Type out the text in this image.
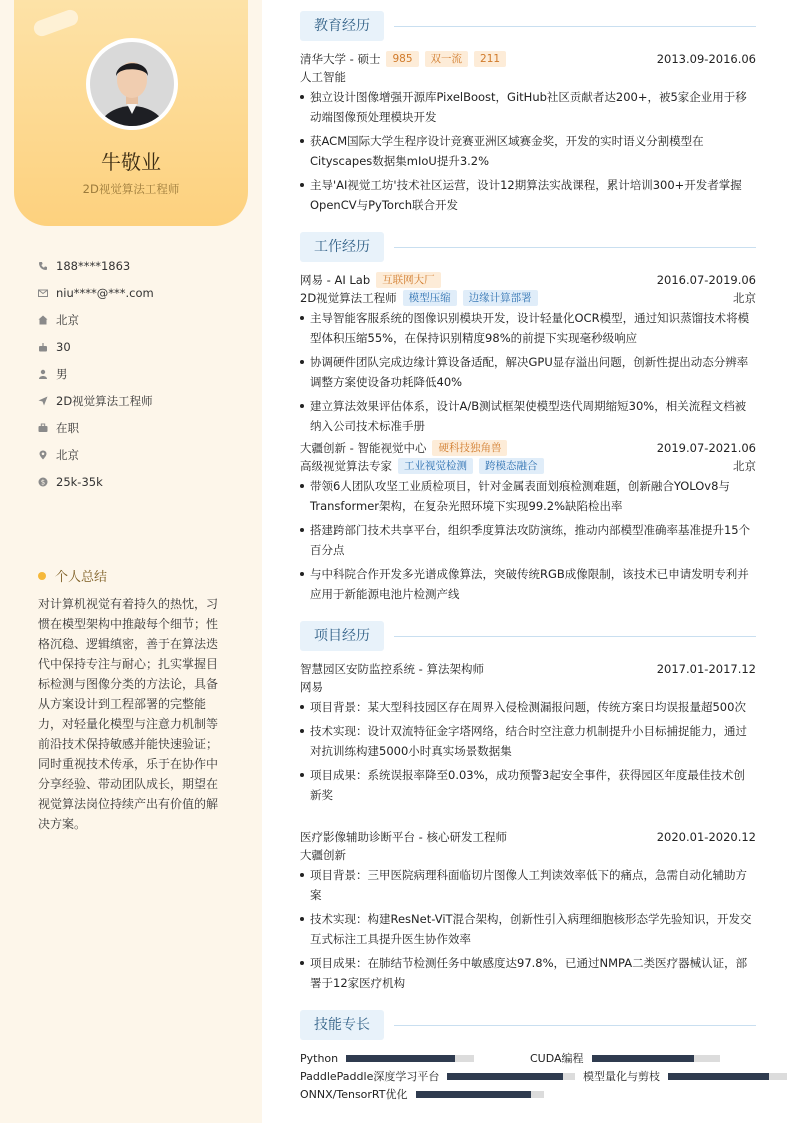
牛敬业
2D视觉算法工程师
188****1863
niu****@***.com
北京
30
男
2D视觉算法工程师
在职
北京
$ 25k-35k
个人总结
对计算机视觉有着持久的热忱，习惯在模型架构中推敲每个细节；性格沉稳、逻辑缜密，善于在算法迭代中保持专注与耐心；扎实掌握目标检测与图像分类的方法论，具备从方案设计到工程部署的完整能力，对轻量化模型与注意力机制等前沿技术保持敏感并能快速验证；同时重视技术传承，乐于在协作中分享经验、带动团队成长，期望在视觉算法岗位持续产出有价值的解决方案。
教育经历
清华大学 - 硕士	985	双一流	211	2013.09-2016.06
人工智能
独立设计图像增强开源库PixelBoost，GitHub社区贡献者达200+，被5家企业用于移动端图像预处理模块开发
获ACM国际大学生程序设计竞赛亚洲区域赛金奖，开发的实时语义分割模型在Cityscapes数据集mIoU提升3.2%
主导'AI视觉工坊'技术社区运营，设计12期算法实战课程，累计培训300+开发者掌握OpenCV与PyTorch联合开发
工作经历
网易 - AI Lab	互联网大厂	2016.07-2019.06
2D视觉算法工程师	模型压缩	边缘计算部署	北京
主导智能客服系统的图像识别模块开发，设计轻量化OCR模型，通过知识蒸馏技术将模型体积压缩55%，在保持识别精度98%的前提下实现毫秒级响应
协调硬件团队完成边缘计算设备适配，解决GPU显存溢出问题，创新性提出动态分辨率调整方案使设备功耗降低40%
建立算法效果评估体系，设计A/B测试框架使模型迭代周期缩短30%，相关流程文档被纳入公司技术标准手册
大疆创新 - 智能视觉中心	硬科技独角兽	2019.07-2021.06
高级视觉算法专家	工业视觉检测	跨模态融合	北京
带领6人团队攻坚工业质检项目，针对金属表面划痕检测难题，创新融合YOLOv8与Transformer架构，在复杂光照环境下实现99.2%缺陷检出率
搭建跨部门技术共享平台，组织季度算法攻防演练，推动内部模型准确率基准提升15个百分点
与中科院合作开发多光谱成像算法，突破传统RGB成像限制，该技术已申请发明专利并应用于新能源电池片检测产线
项目经历
智慧园区安防监控系统 - 算法架构师	2017.01-2017.12
网易
项目背景：某大型科技园区存在周界入侵检测漏报问题，传统方案日均误报量超500次
技术实现：设计双流特征金字塔网络，结合时空注意力机制提升小目标捕捉能力，通过对抗训练构建5000小时真实场景数据集
项目成果：系统误报率降至0.03%，成功预警3起安全事件，获得园区年度最佳技术创新奖
医疗影像辅助诊断平台 - 核心研发工程师	2020.01-2020.12
大疆创新
项目背景：三甲医院病理科面临切片图像人工判读效率低下的痛点，急需自动化辅助方案
技术实现：构建ResNet-ViT混合架构，创新性引入病理细胞核形态学先验知识，开发交互式标注工具提升医生协作效率
项目成果：在肺结节检测任务中敏感度达97.8%，已通过NMPA二类医疗器械认证，部署于12家医疗机构
技能专长
Python	CUDA编程
PaddlePaddle深度学习平台	模型量化与剪枝
ONNX/TensorRT优化
